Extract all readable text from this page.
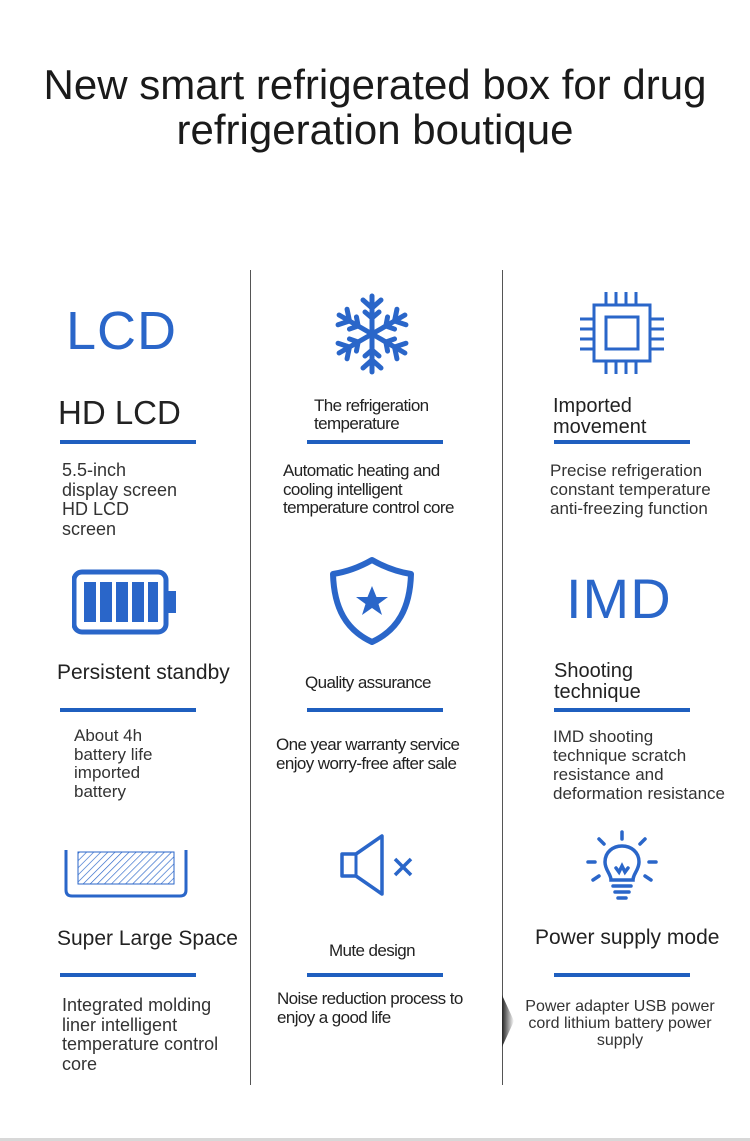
New smart refrigerated box for drug
refrigeration boutique
LCD
HD LCD
5.5-inch
display screen
HD LCD
screen
The refrigeration
temperature
Automatic heating and
cooling intelligent
temperature control core
Imported
movement
Precise refrigeration
constant temperature
anti-freezing function
Persistent standby
About 4h
battery life
imported
battery
Quality assurance
One year warranty service
enjoy worry-free after sale
IMD
Shooting
technique
IMD shooting
technique scratch
resistance and
deformation resistance
Super Large Space
Integrated molding
liner intelligent
temperature control
core
Mute design
Noise reduction process to
enjoy a good life
Power supply mode
Power adapter USB power
cord lithium battery power
supply
